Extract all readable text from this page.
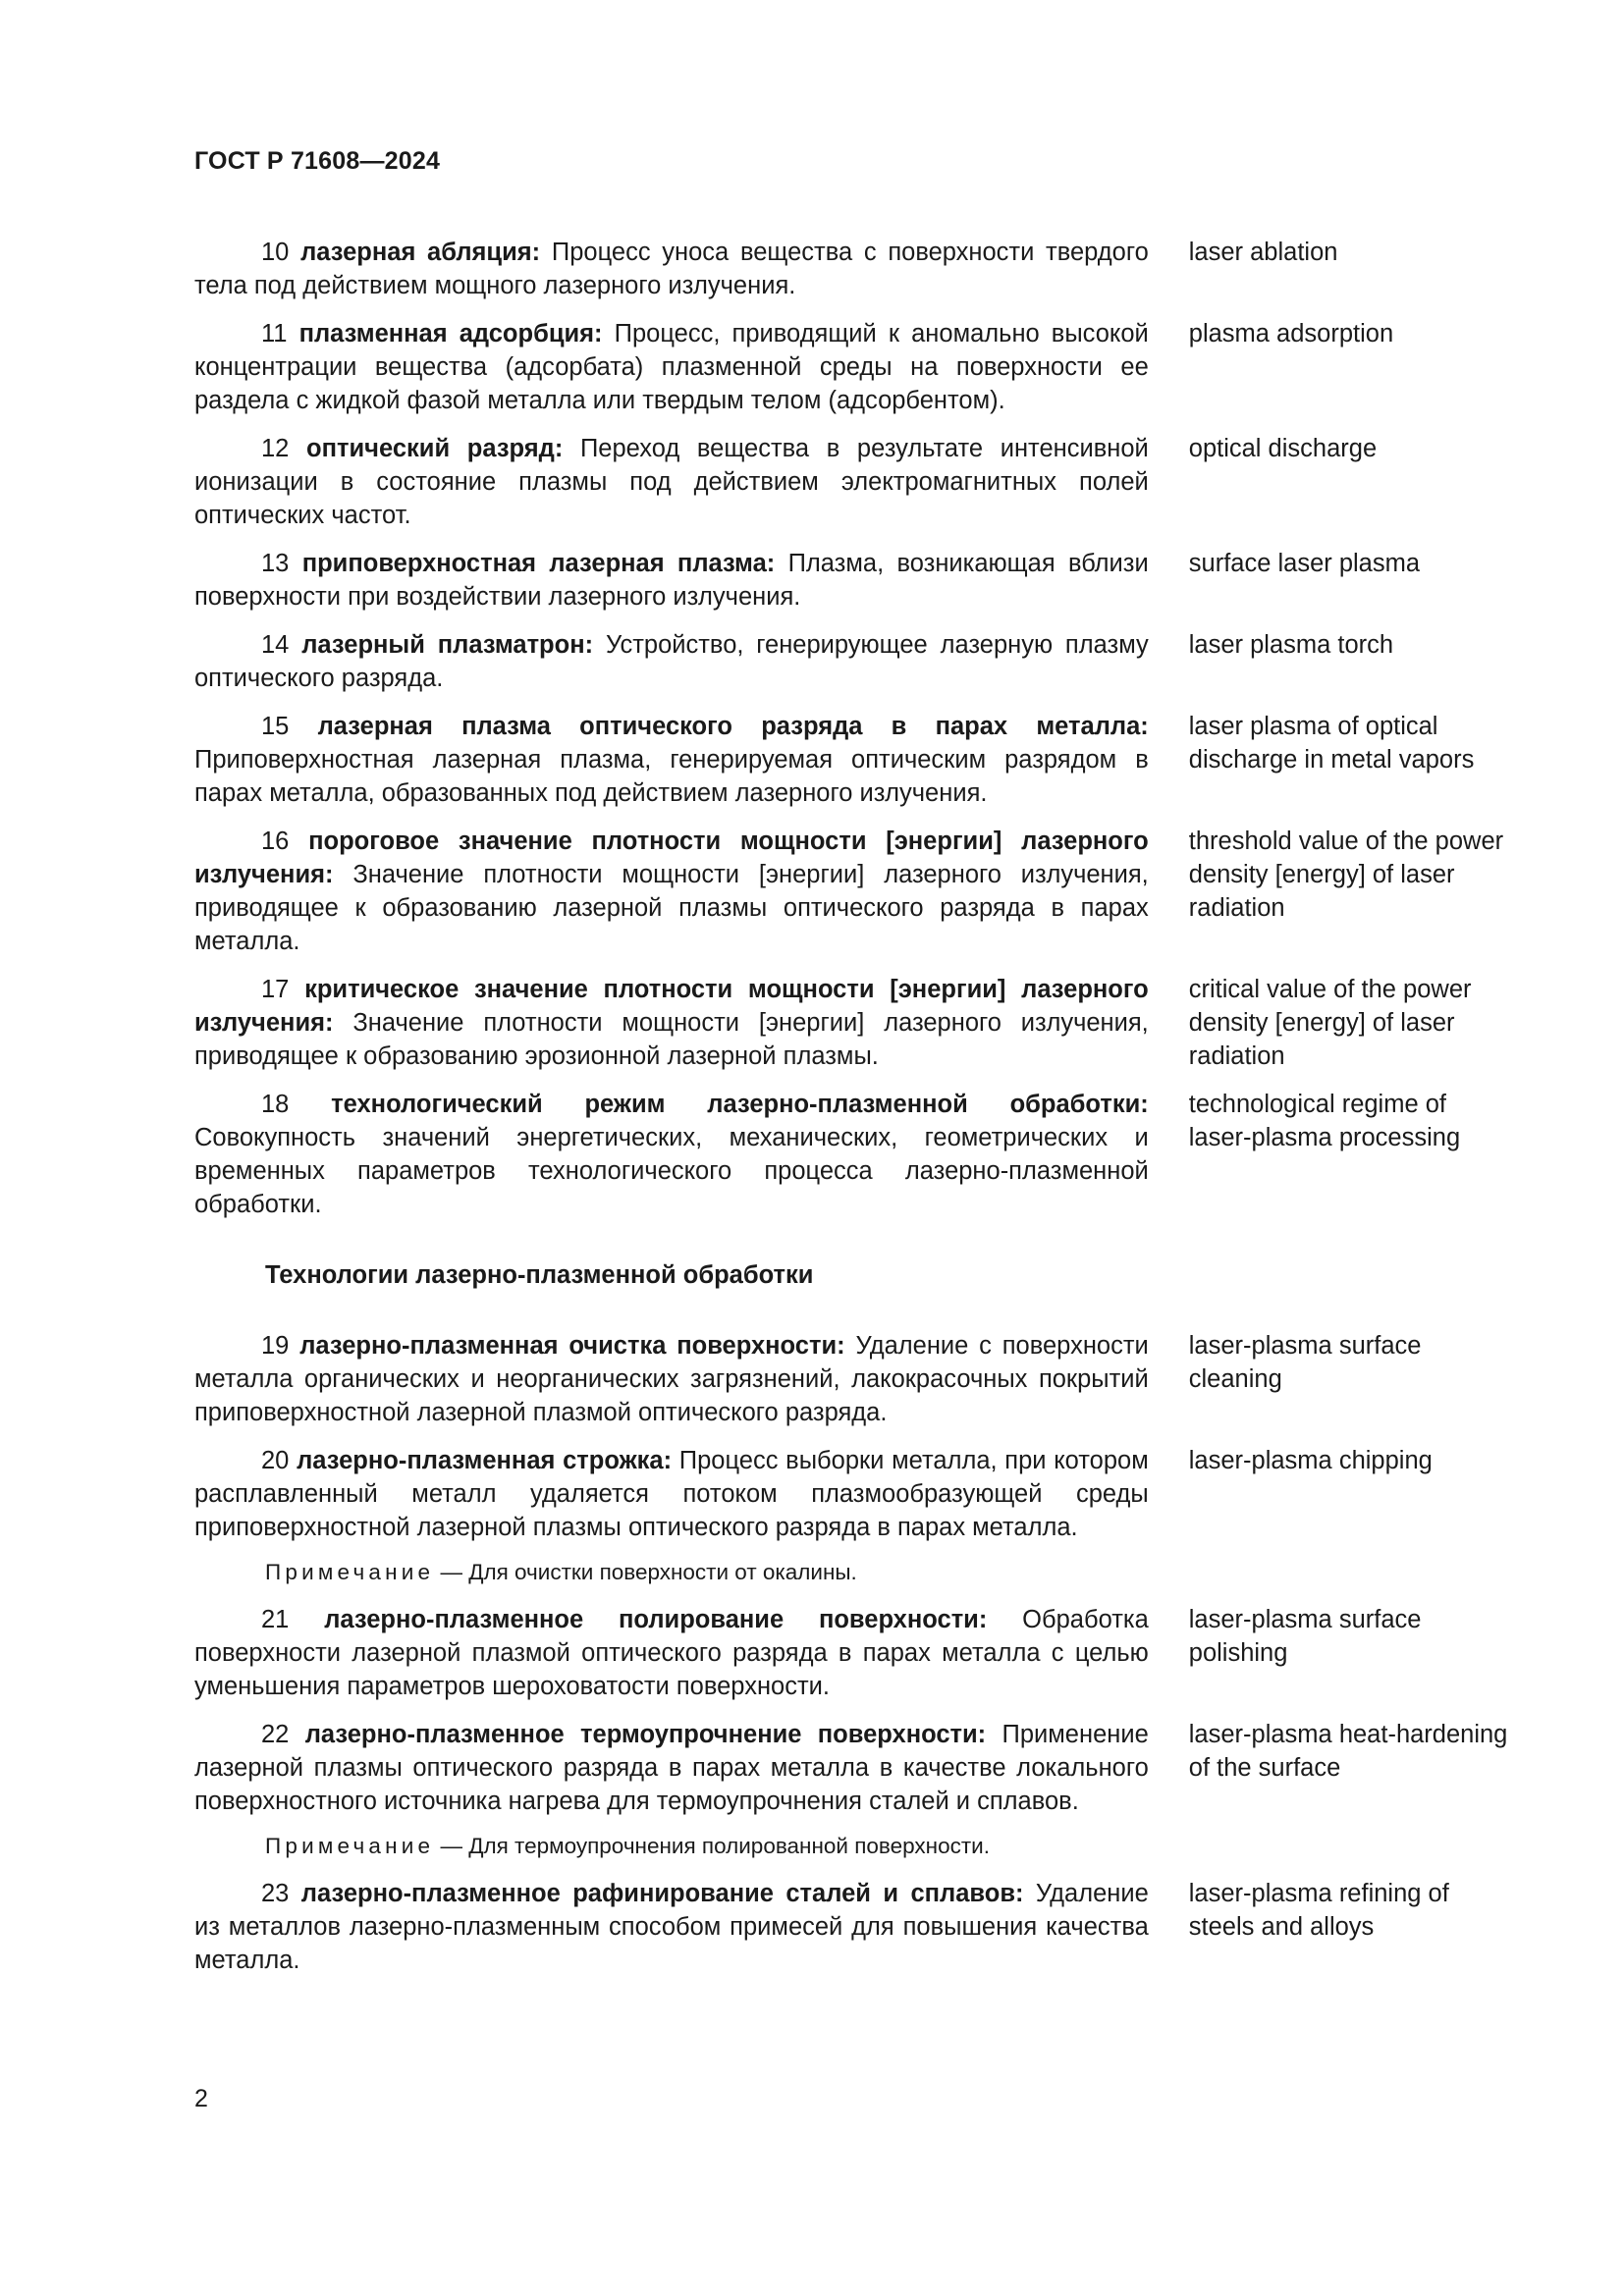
ГОСТ Р 71608—2024
10 лазерная абляция: Процесс уноса вещества с поверхности твердого тела под действием мощного лазерного излучения.
laser ablation
11 плазменная адсорбция: Процесс, приводящий к аномально высокой концентрации вещества (адсорбата) плазменной среды на поверхности ее раздела с жидкой фазой металла или твердым телом (адсорбентом).
plasma adsorption
12 оптический разряд: Переход вещества в результате интенсивной ионизации в состояние плазмы под действием электромагнитных полей оптических частот.
optical discharge
13 приповерхностная лазерная плазма: Плазма, возникающая вблизи поверхности при воздействии лазерного излучения.
surface laser plasma
14 лазерный плазматрон: Устройство, генерирующее лазерную плазму оптического разряда.
laser plasma torch
15 лазерная плазма оптического разряда в парах металла: Приповерхностная лазерная плазма, генерируемая оптическим разрядом в парах металла, образованных под действием лазерного излучения.
laser plasma of optical discharge in metal vapors
16 пороговое значение плотности мощности [энергии] лазерного излучения: Значение плотности мощности [энергии] лазерного излучения, приводящее к образованию лазерной плазмы оптического разряда в парах металла.
threshold value of the power density [energy] of laser radiation
17 критическое значение плотности мощности [энергии] лазерного излучения: Значение плотности мощности [энергии] лазерного излучения, приводящее к образованию эрозионной лазерной плазмы.
critical value of the power density [energy] of laser radiation
18 технологический режим лазерно-плазменной обработки: Совокупность значений энергетических, механических, геометрических и временных параметров технологического процесса лазерно-плазменной обработки.
technological regime of laser-plasma processing
Технологии лазерно-плазменной обработки
19 лазерно-плазменная очистка поверхности: Удаление с поверхности металла органических и неорганических загрязнений, лакокрасочных покрытий приповерхностной лазерной плазмой оптического разряда.
laser-plasma surface cleaning
20 лазерно-плазменная строжка: Процесс выборки металла, при котором расплавленный металл удаляется потоком плазмообразующей среды приповерхностной лазерной плазмы оптического разряда в парах металла.
laser-plasma chipping
Примечание — Для очистки поверхности от окалины.
21 лазерно-плазменное полирование поверхности: Обработка поверхности лазерной плазмой оптического разряда в парах металла с целью уменьшения параметров шероховатости поверхности.
laser-plasma surface polishing
22 лазерно-плазменное термоупрочнение поверхности: Применение лазерной плазмы оптического разряда в парах металла в качестве локального поверхностного источника нагрева для термоупрочнения сталей и сплавов.
laser-plasma heat-hardening of the surface
Примечание — Для термоупрочнения полированной поверхности.
23 лазерно-плазменное рафинирование сталей и сплавов: Удаление из металлов лазерно-плазменным способом примесей для повышения качества металла.
laser-plasma refining of steels and alloys
2
